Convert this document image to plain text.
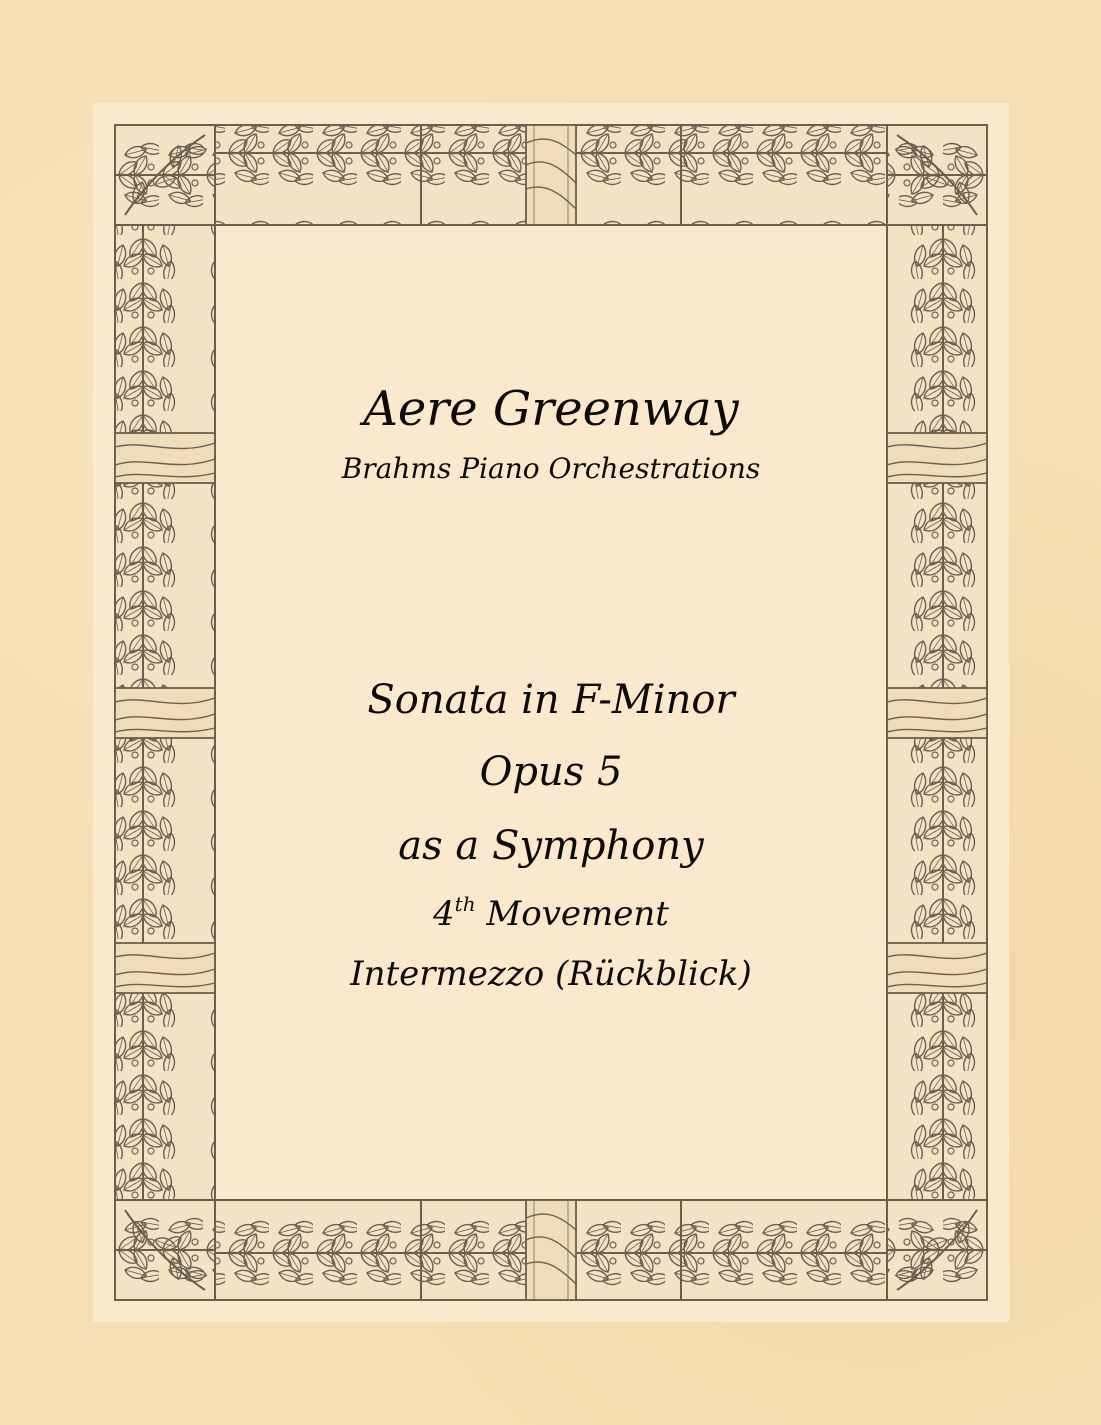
Aere Greenway
Brahms Piano Orchestrations
Sonata in F-Minor
Opus 5
as a Symphony
4th Movement
Intermezzo (Rückblick)
